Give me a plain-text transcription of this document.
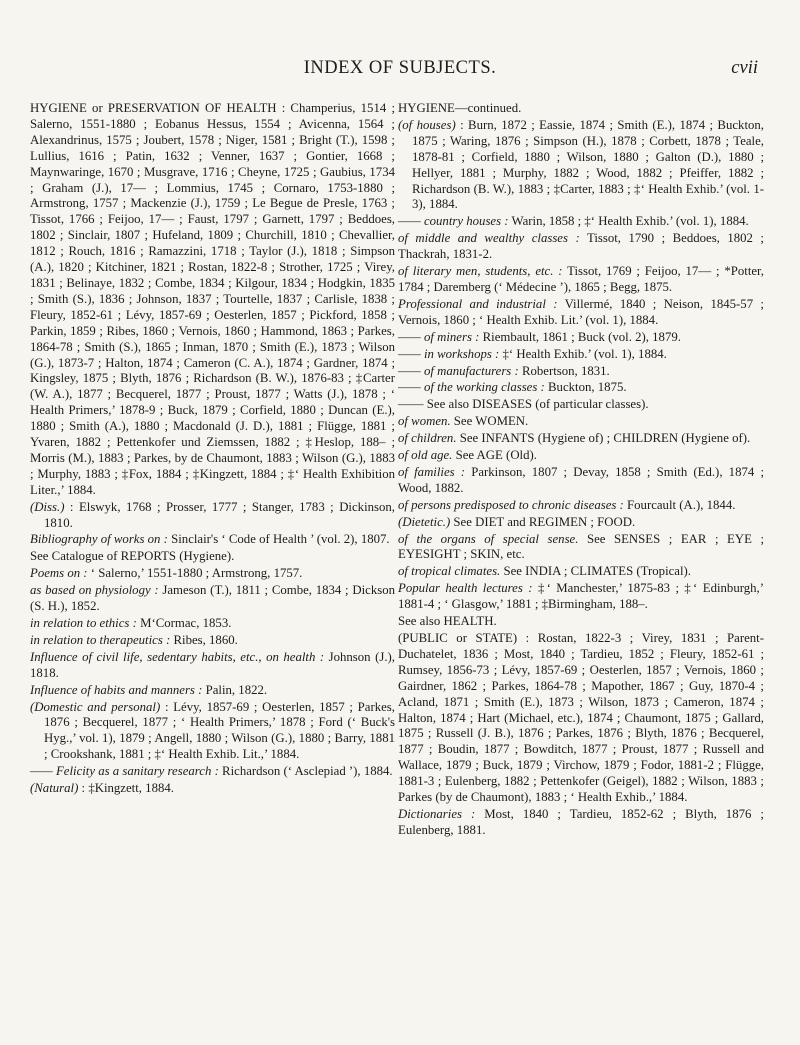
INDEX OF SUBJECTS.	cvii

HYGIENE or PRESERVATION OF HEALTH : Champerius, 1514 ; Salerno, 1551-1880 ; Eobanus Hessus, 1554 ; Avicenna, 1564 ; Alexandrinus, 1575 ; Joubert, 1578 ; Niger, 1581 ; Bright (T.), 1598 ; Lullius, 1616 ; Patin, 1632 ; Venner, 1637 ; Gontier, 1668 ; Maynwaringe, 1670 ; Musgrave, 1716 ; Cheyne, 1725 ; Gaubius, 1734 ; Graham (J.), 17— ; Lommius, 1745 ; Cornaro, 1753-1880 ; Armstrong, 1757 ; Mackenzie (J.), 1759 ; Le Begue de Presle, 1763 ; Tissot, 1766 ; Feijoo, 17— ; Faust, 1797 ; Garnett, 1797 ; Beddoes, 1802 ; Sinclair, 1807 ; Hufeland, 1809 ; Churchill, 1810 ; Chevallier, 1812 ; Rouch, 1816 ; Ramazzini, 1718 ; Taylor (J.), 1818 ; Simpson (A.), 1820 ; Kitchiner, 1821 ; Rostan, 1822-8 ; Strother, 1725 ; Virey, 1831 ; Belinaye, 1832 ; Combe, 1834 ; Kilgour, 1834 ; Hodgkin, 1835 ; Smith (S.), 1836 ; Johnson, 1837 ; Tourtelle, 1837 ; Carlisle, 1838 ; Fleury, 1852-61 ; Lévy, 1857-69 ; Oesterlen, 1857 ; Pickford, 1858 ; Parkin, 1859 ; Ribes, 1860 ; Vernois, 1860 ; Hammond, 1863 ; Parkes, 1864-78 ; Smith (S.), 1865 ; Inman, 1870 ; Smith (E.), 1873 ; Wilson (G.), 1873-7 ; Halton, 1874 ; Cameron (C. A.), 1874 ; Gardner, 1874 ; Kingsley, 1875 ; Blyth, 1876 ; Richardson (B. W.), 1876-83 ; ‡Carter (W. A.), 1877 ; Becquerel, 1877 ; Proust, 1877 ; Watts (J.), 1878 ; ‘ Health Primers,’ 1878-9 ; Buck, 1879 ; Corfield, 1880 ; Duncan (E.), 1880 ; Smith (A.), 1880 ; Macdonald (J. D.), 1881 ; Flügge, 1881 ; Yvaren, 1882 ; Pettenkofer und Ziemssen, 1882 ; ‡Heslop, 188– ; Morris (M.), 1883 ; Parkes, by de Chaumont, 1883 ; Wilson (G.), 1883 ; Murphy, 1883 ; ‡Fox, 1884 ; ‡Kingzett, 1884 ; ‡‘ Health Exhibition Liter.,’ 1884.

(Diss.) : Elswyk, 1768 ; Prosser, 1777 ; Stanger, 1783 ; Dickinson, 1810.

Bibliography of works on : Sinclair's ‘ Code of Health ’ (vol. 2), 1807.

See Catalogue of REPORTS (Hygiene).

Poems on : ‘ Salerno,’ 1551-1880 ; Armstrong, 1757.

as based on physiology : Jameson (T.), 1811 ; Combe, 1834 ; Dickson (S. H.), 1852.

in relation to ethics : M‘Cormac, 1853.

in relation to therapeutics : Ribes, 1860.

Influence of civil life, sedentary habits, etc., on health : Johnson (J.), 1818.

Influence of habits and manners : Palin, 1822.

(Domestic and personal) : Lévy, 1857-69 ; Oesterlen, 1857 ; Parkes, 1876 ; Becquerel, 1877 ; ‘ Health Primers,’ 1878 ; Ford (‘ Buck's Hyg.,’ vol. 1), 1879 ; Angell, 1880 ; Wilson (G.), 1880 ; Barry, 1881 ; Crookshank, 1881 ; ‡‘ Health Exhib. Lit.,’ 1884.

—— Felicity as a sanitary research : Richardson (‘ Asclepiad ’), 1884.

(Natural) : ‡Kingzett, 1884.

HYGIENE—continued.

(of houses) : Burn, 1872 ; Eassie, 1874 ; Smith (E.), 1874 ; Buckton, 1875 ; Waring, 1876 ; Simpson (H.), 1878 ; Corbett, 1878 ; Teale, 1878-81 ; Corfield, 1880 ; Wilson, 1880 ; Galton (D.), 1880 ; Hellyer, 1881 ; Murphy, 1882 ; Wood, 1882 ; Pfeiffer, 1882 ; Richardson (B. W.), 1883 ; ‡Carter, 1883 ; ‡‘ Health Exhib.’ (vol. 1-3), 1884.

—— country houses : Warin, 1858 ; ‡‘ Health Exhib.’ (vol. 1), 1884.

of middle and wealthy classes : Tissot, 1790 ; Beddoes, 1802 ; Thackrah, 1831-2.

of literary men, students, etc. : Tissot, 1769 ; Feijoo, 17— ; *Potter, 1784 ; Daremberg (‘ Médecine ’), 1865 ; Begg, 1875.

Professional and industrial : Villermé, 1840 ; Neison, 1845-57 ; Vernois, 1860 ; ‘ Health Exhib. Lit.’ (vol. 1), 1884.

—— of miners : Riembault, 1861 ; Buck (vol. 2), 1879.

—— in workshops : ‡‘ Health Exhib.’ (vol. 1), 1884.

—— of manufacturers : Robertson, 1831.

—— of the working classes : Buckton, 1875.

—— See also DISEASES (of particular classes).

of women. See WOMEN.

of children. See INFANTS (Hygiene of) ; CHILDREN (Hygiene of).

of old age. See AGE (Old).

of families : Parkinson, 1807 ; Devay, 1858 ; Smith (Ed.), 1874 ; Wood, 1882.

of persons predisposed to chronic diseases : Fourcault (A.), 1844.

(Dietetic.) See DIET and REGIMEN ; FOOD.

of the organs of special sense. See SENSES ; EAR ; EYE ; EYESIGHT ; SKIN, etc.

of tropical climates. See INDIA ; CLIMATES (Tropical).

Popular health lectures : ‡‘ Manchester,’ 1875-83 ; ‡‘ Edinburgh,’ 1881-4 ; ‘ Glasgow,’ 1881 ; ‡Birmingham, 188–.

See also HEALTH.

(PUBLIC or STATE) : Rostan, 1822-3 ; Virey, 1831 ; Parent-Duchatelet, 1836 ; Most, 1840 ; Tardieu, 1852 ; Fleury, 1852-61 ; Rumsey, 1856-73 ; Lévy, 1857-69 ; Oesterlen, 1857 ; Vernois, 1860 ; Gairdner, 1862 ; Parkes, 1864-78 ; Mapother, 1867 ; Guy, 1870-4 ; Acland, 1871 ; Smith (E.), 1873 ; Wilson, 1873 ; Cameron, 1874 ; Halton, 1874 ; Hart (Michael, etc.), 1874 ; Chaumont, 1875 ; Gallard, 1875 ; Russell (J. B.), 1876 ; Parkes, 1876 ; Blyth, 1876 ; Becquerel, 1877 ; Boudin, 1877 ; Bowditch, 1877 ; Proust, 1877 ; Russell and Wallace, 1879 ; Buck, 1879 ; Virchow, 1879 ; Fodor, 1881-2 ; Flügge, 1881-3 ; Eulenberg, 1882 ; Pettenkofer (Geigel), 1882 ; Wilson, 1883 ; Parkes (by de Chaumont), 1883 ; ‘ Health Exhib.,’ 1884.

Dictionaries : Most, 1840 ; Tardieu, 1852-62 ; Blyth, 1876 ; Eulenberg, 1881.
